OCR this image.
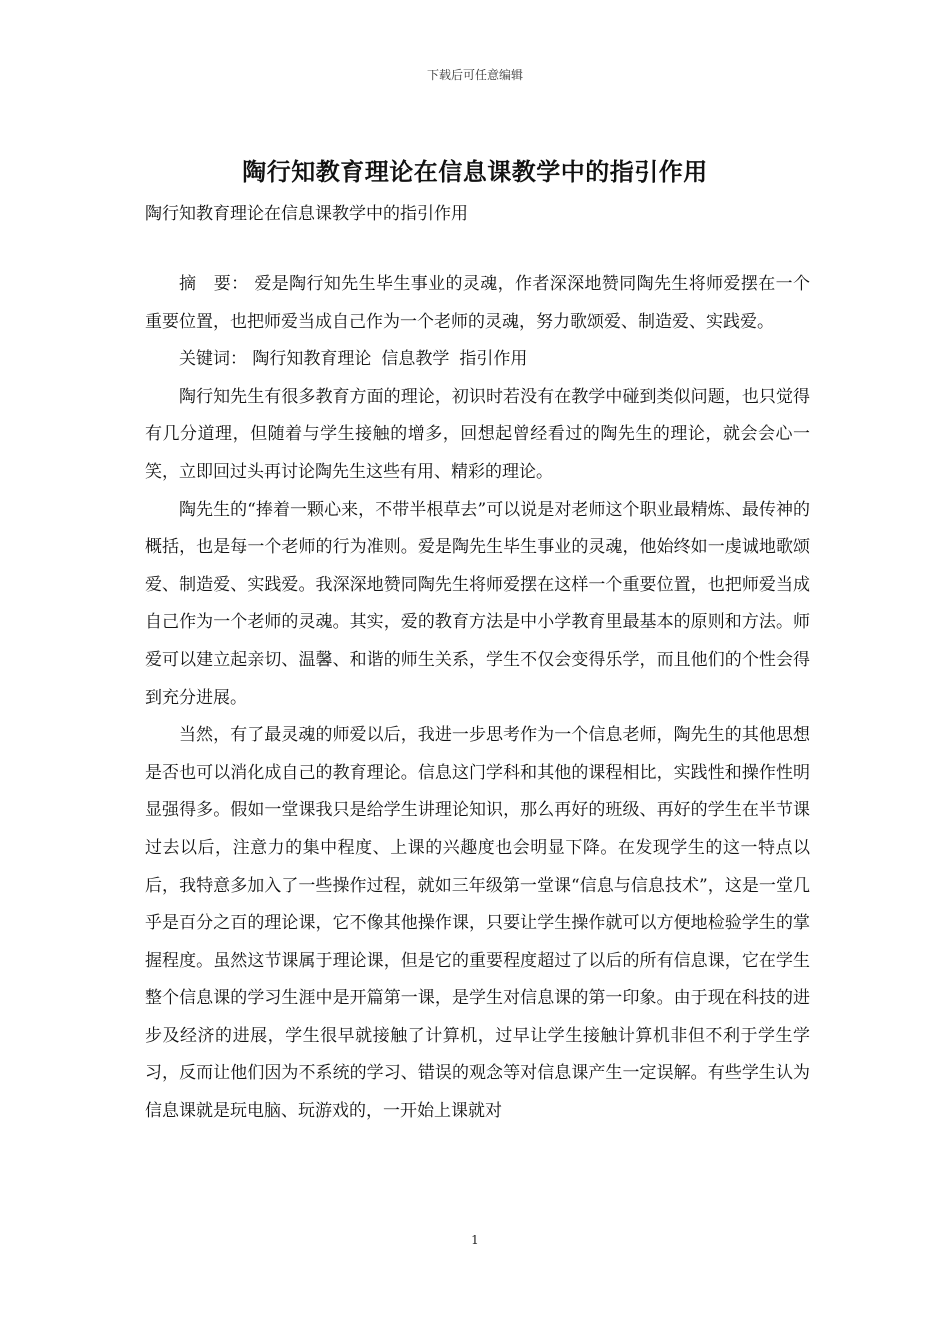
下载后可任意编辑
陶行知教育理论在信息课教学中的指引作用
陶行知教育理论在信息课教学中的指引作用

摘　要： 爱是陶行知先生毕生事业的灵魂，作者深深地赞同陶先生将师爱摆在一个重要位置，也把师爱当成自己作为一个老师的灵魂，努力歌颂爱、制造爱、实践爱。

关键词： 陶行知教育理论 信息教学 指引作用

陶行知先生有很多教育方面的理论，初识时若没有在教学中碰到类似问题，也只觉得有几分道理，但随着与学生接触的增多，回想起曾经看过的陶先生的理论，就会会心一笑，立即回过头再讨论陶先生这些有用、精彩的理论。

陶先生的“捧着一颗心来，不带半根草去”可以说是对老师这个职业最精炼、最传神的概括，也是每一个老师的行为准则。爱是陶先生毕生事业的灵魂，他始终如一虔诚地歌颂爱、制造爱、实践爱。我深深地赞同陶先生将师爱摆在这样一个重要位置，也把师爱当成自己作为一个老师的灵魂。其实，爱的教育方法是中小学教育里最基本的原则和方法。师爱可以建立起亲切、温馨、和谐的师生关系，学生不仅会变得乐学，而且他们的个性会得到充分进展。

当然，有了最灵魂的师爱以后，我进一步思考作为一个信息老师，陶先生的其他思想是否也可以消化成自己的教育理论。信息这门学科和其他的课程相比，实践性和操作性明显强得多。假如一堂课我只是给学生讲理论知识，那么再好的班级、再好的学生在半节课过去以后，注意力的集中程度、上课的兴趣度也会明显下降。在发现学生的这一特点以后，我特意多加入了一些操作过程，就如三年级第一堂课“信息与信息技术”，这是一堂几乎是百分之百的理论课，它不像其他操作课，只要让学生操作就可以方便地检验学生的掌握程度。虽然这节课属于理论课，但是它的重要程度超过了以后的所有信息课，它在学生整个信息课的学习生涯中是开篇第一课，是学生对信息课的第一印象。由于现在科技的进步及经济的进展，学生很早就接触了计算机，过早让学生接触计算机非但不利于学生学习，反而让他们因为不系统的学习、错误的观念等对信息课产生一定误解。有些学生认为信息课就是玩电脑、玩游戏的，一开始上课就对

1
